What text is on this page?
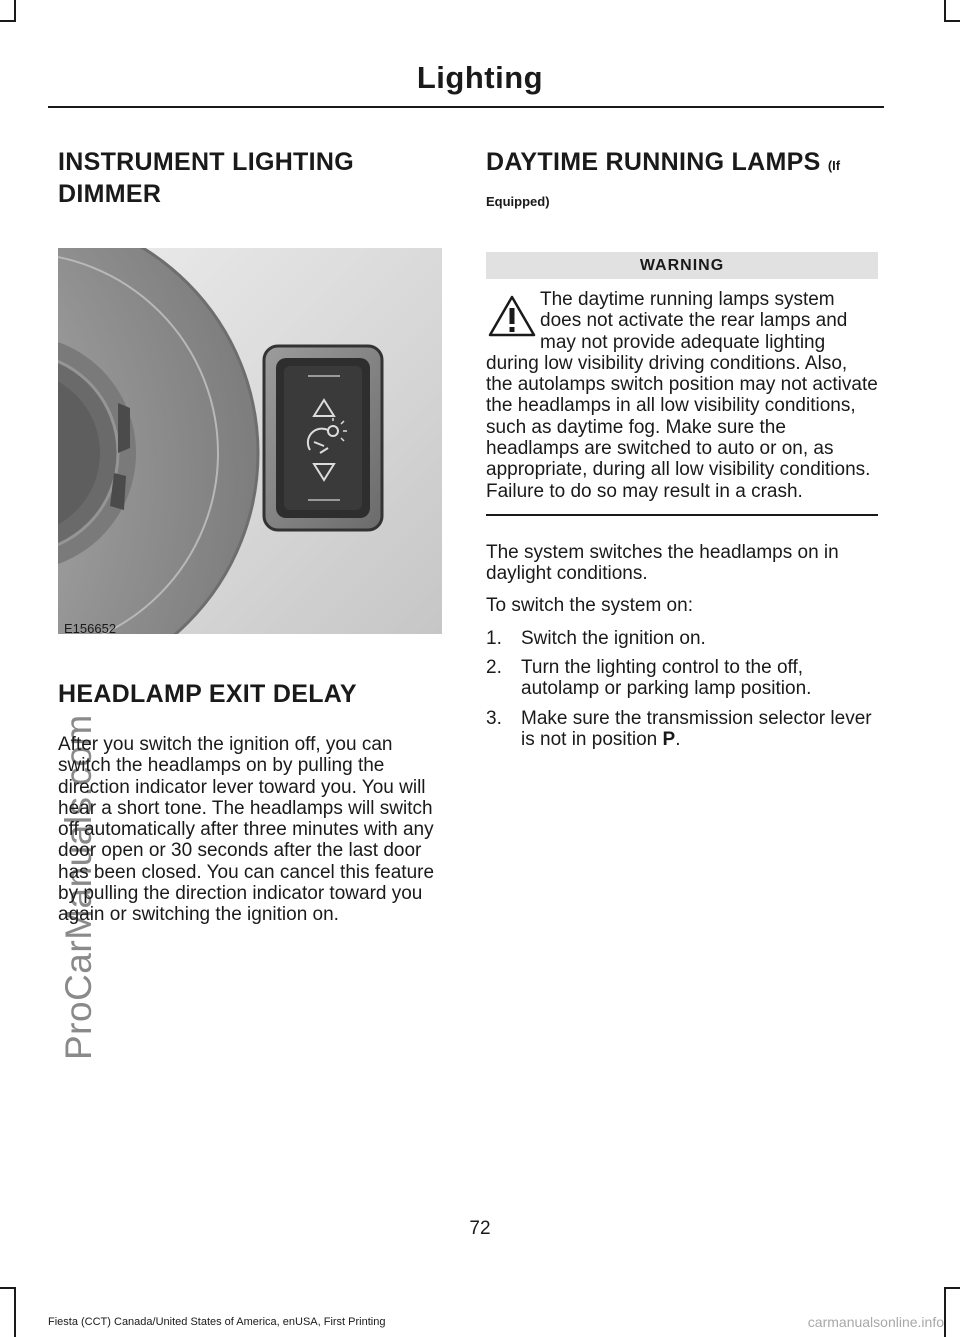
Lighting
ProCarManuals.com
INSTRUMENT LIGHTING DIMMER
E156652
HEADLAMP EXIT DELAY

After you switch the ignition off, you can switch the headlamps on by pulling the direction indicator lever toward you. You will hear a short tone. The headlamps will switch off automatically after three minutes with any door open or 30 seconds after the last door has been closed. You can cancel this feature by pulling the direction indicator toward you again or switching the ignition on.

DAYTIME RUNNING LAMPS (If Equipped)
WARNING
The daytime running lamps system does not activate the rear lamps and may not provide adequate lighting during low visibility driving conditions. Also, the autolamps switch position may not activate the headlamps in all low visibility conditions, such as daytime fog. Make sure the headlamps are switched to auto or on, as appropriate, during all low visibility conditions. Failure to do so may result in a crash.

The system switches the headlamps on in daylight conditions.

To switch the system on:

1. Switch the ignition on.
2. Turn the lighting control to the off, autolamp or parking lamp position.
3. Make sure the transmission selector lever is not in position P.
72
Fiesta (CCT) Canada/United States of America, enUSA, First Printing	carmanualsonline.info
